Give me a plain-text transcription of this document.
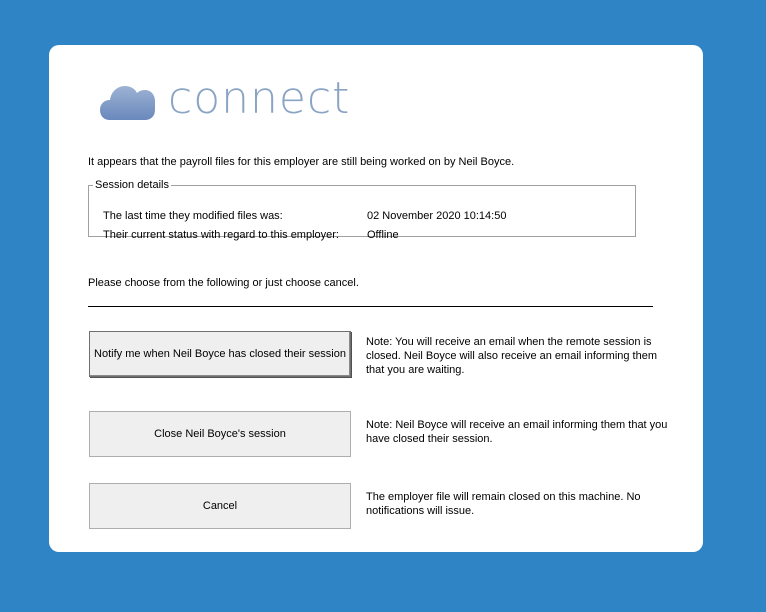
connect
It appears that the payroll files for this employer are still being worked on by Neil Boyce.
Session details
The last time they modified files was:	02 November 2020 10:14:50
Their current status with regard to this employer:	Offline
Please choose from the following or just choose cancel.
Notify me when Neil Boyce has closed their session
Note: You will receive an email when the remote session is closed. Neil Boyce will also receive an email informing them that you are waiting.
Close Neil Boyce's session
Note: Neil Boyce will receive an email informing them that you have closed their session.
Cancel
The employer file will remain closed on this machine. No notifications will issue.
